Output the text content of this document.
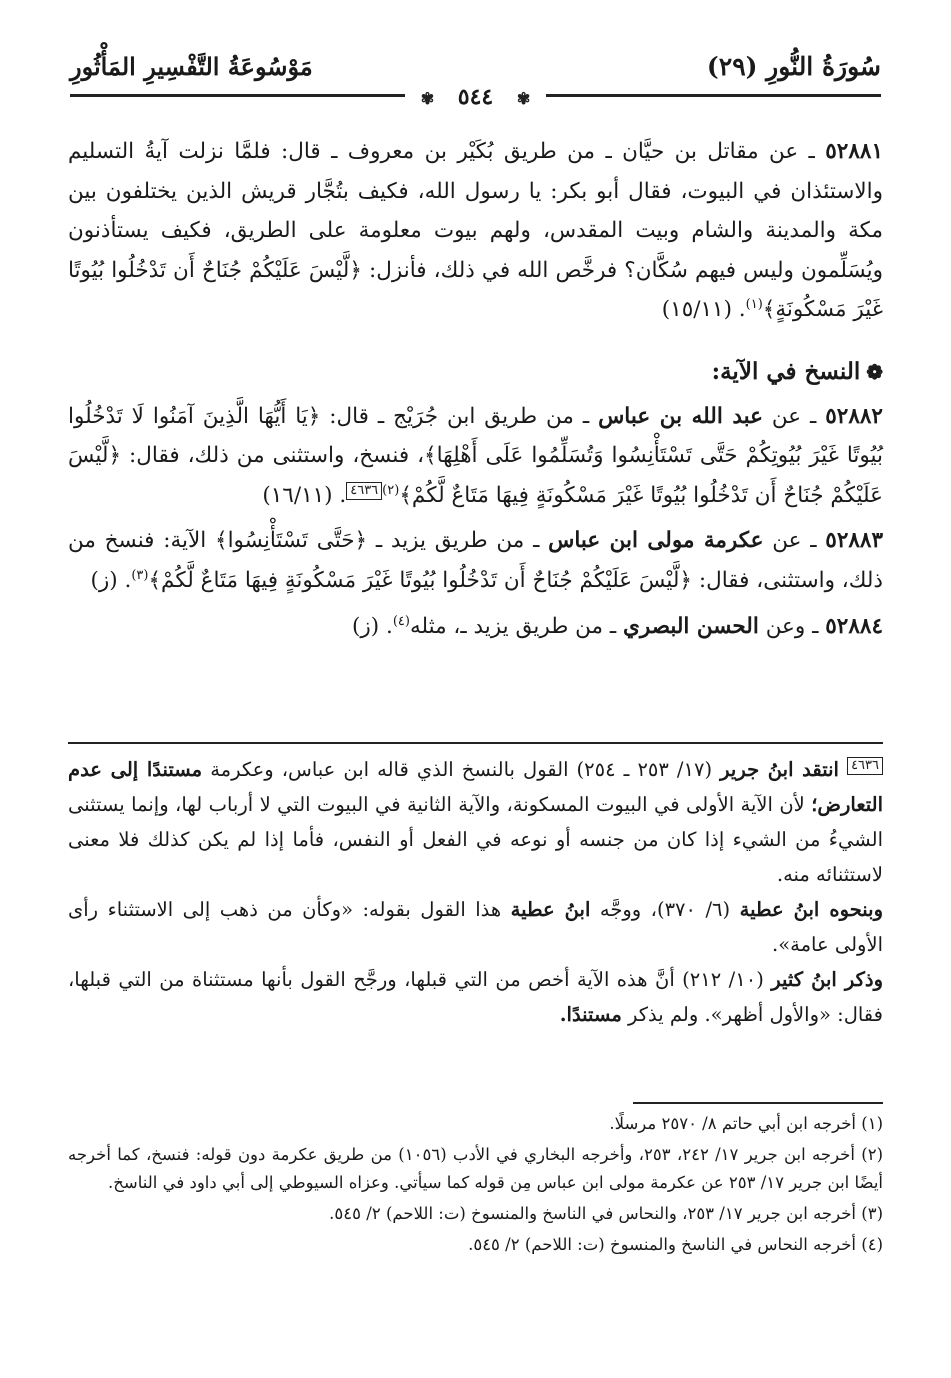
سُورَةُ النُّورِ (٢٩)
مَوْسُوعَةُ التَّفْسِيرِ المَأْثُورِ
✾ ٥٤٤ ✾

٥٢٨٨١ ـ عن مقاتل بن حيَّان ـ من طريق بُكَيْر بن معروف ـ قال: فلمَّا نزلت آيةُ التسليم والاستئذان في البيوت، فقال أبو بكر: يا رسول الله، فكيف بتُجَّار قريش الذين يختلفون بين مكة والمدينة والشام وبيت المقدس، ولهم بيوت معلومة على الطريق، فكيف يستأذنون ويُسَلِّمون وليس فيهم سُكَّان؟ فرخَّص الله في ذلك، فأنزل: ﴿لَّيْسَ عَلَيْكُمْ جُنَاحٌ أَن تَدْخُلُوا بُيُوتًا غَيْرَ مَسْكُونَةٍ﴾$^{(١)}$. (١٥/١١)

❁النسخ في الآية:

٥٢٨٨٢ ـ عن عبد الله بن عباس ـ من طريق ابن جُرَيْج ـ قال: ﴿يَا أَيُّهَا الَّذِينَ آمَنُوا لَا تَدْخُلُوا بُيُوتًا غَيْرَ بُيُوتِكُمْ حَتَّى تَسْتَأْنِسُوا وَتُسَلِّمُوا عَلَى أَهْلِهَا﴾، فنسخ، واستثنى من ذلك، فقال: ﴿لَّيْسَ عَلَيْكُمْ جُنَاحٌ أَن تَدْخُلُوا بُيُوتًا غَيْرَ مَسْكُونَةٍ فِيهَا مَتَاعٌ لَّكُمْ﴾$^{(٢)}$٤٦٣٦. (١٦/١١)

٥٢٨٨٣ ـ عن عكرمة مولى ابن عباس ـ من طريق يزيد ـ ﴿حَتَّى تَسْتَأْنِسُوا﴾ الآية: فنسخ من ذلك، واستثنى، فقال: ﴿لَّيْسَ عَلَيْكُمْ جُنَاحٌ أَن تَدْخُلُوا بُيُوتًا غَيْرَ مَسْكُونَةٍ فِيهَا مَتَاعٌ لَّكُمْ﴾$^{(٣)}$. (ز)

٥٢٨٨٤ ـ وعن الحسن البصري ـ من طريق يزيد ـ، مثله$^{(٤)}$. (ز)

٤٦٣٦ انتقد ابنُ جرير (١٧/ ٢٥٣ ـ ٢٥٤) القول بالنسخ الذي قاله ابن عباس، وعكرمة مستندًا إلى عدم التعارض؛ لأن الآية الأولى في البيوت المسكونة، والآية الثانية في البيوت التي لا أرباب لها، وإنما يستثنى الشيءُ من الشيء إذا كان من جنسه أو نوعه في الفعل أو النفس، فأما إذا لم يكن كذلك فلا معنى لاستثنائه منه.

وبنحوه ابنُ عطية (٦/ ٣٧٠)، ووجَّه ابنُ عطية هذا القول بقوله: «وكأن من ذهب إلى الاستثناء رأى الأولى عامة».

وذكر ابنُ كثير (١٠/ ٢١٢) أنَّ هذه الآية أخص من التي قبلها، ورجَّح القول بأنها مستثناة من التي قبلها، فقال: «والأول أظهر». ولم يذكر مستندًا.

(١) أخرجه ابن أبي حاتم ٨/ ٢٥٧٠ مرسلًا.

(٢) أخرجه ابن جرير ١٧/ ٢٤٢، ٢٥٣، وأخرجه البخاري في الأدب (١٠٥٦) من طريق عكرمة دون قوله: فنسخ، كما أخرجه أيضًا ابن جرير ١٧/ ٢٥٣ عن عكرمة مولى ابن عباس مِن قوله كما سيأتي. وعزاه السيوطي إلى أبي داود في الناسخ.

(٣) أخرجه ابن جرير ١٧/ ٢٥٣، والنحاس في الناسخ والمنسوخ (ت: اللاحم) ٢/ ٥٤٥.

(٤) أخرجه النحاس في الناسخ والمنسوخ (ت: اللاحم) ٢/ ٥٤٥.
